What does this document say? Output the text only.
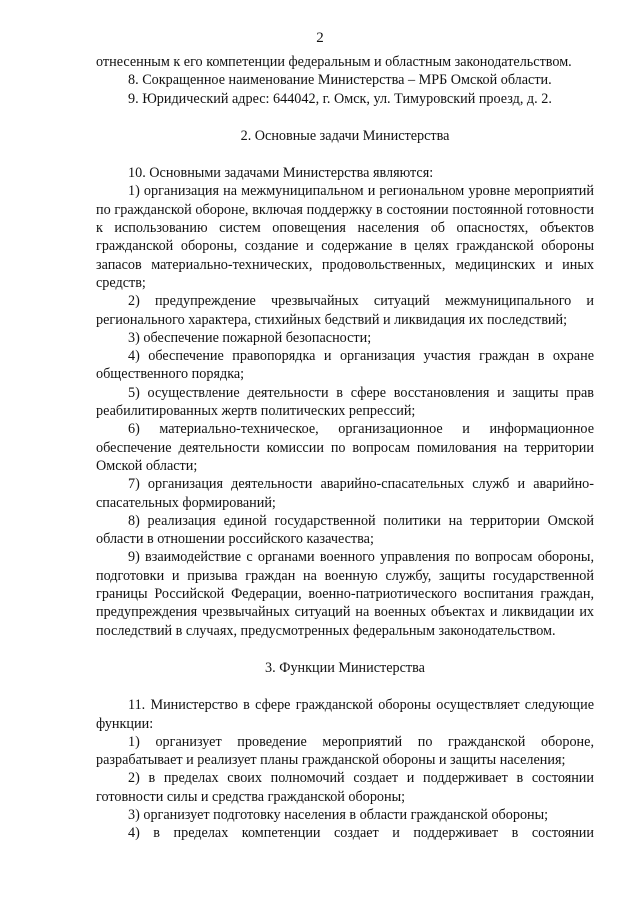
2

отнесенным к его компетенции федеральным и областным законодательством.

8. Сокращенное наименование Министерства – МРБ Омской области.

9. Юридический адрес: 644042, г. Омск, ул. Тимуровский проезд, д. 2.

2. Основные задачи Министерства

10. Основными задачами Министерства являются:

1) организация на межмуниципальном и региональном уровне мероприятий по гражданской обороне, включая поддержку в состоянии постоянной готовности к использованию систем оповещения населения об опасностях, объектов гражданской обороны, создание и содержание в целях гражданской обороны запасов материально-технических, продовольственных, медицинских и иных средств;

2) предупреждение чрезвычайных ситуаций межмуниципального и регионального характера, стихийных бедствий и ликвидация их последствий;

3) обеспечение пожарной безопасности;

4) обеспечение правопорядка и организация участия граждан в охране общественного порядка;

5) осуществление деятельности в сфере восстановления и защиты прав реабилитированных жертв политических репрессий;

6) материально-техническое, организационное и информационное обеспечение деятельности комиссии по вопросам помилования на территории Омской области;

7) организация деятельности аварийно-спасательных служб и аварийно-спасательных формирований;

8) реализация единой государственной политики на территории Омской области в отношении российского казачества;

9) взаимодействие с органами военного управления по вопросам обороны, подготовки и призыва граждан на военную службу, защиты государственной границы Российской Федерации, военно-патриотического воспитания граждан, предупреждения чрезвычайных ситуаций на военных объектах и ликвидации их последствий в случаях, предусмотренных федеральным законодательством.

3. Функции Министерства

11. Министерство в сфере гражданской обороны осуществляет следующие функции:

1) организует проведение мероприятий по гражданской обороне, разрабатывает и реализует планы гражданской обороны и защиты населения;

2) в пределах своих полномочий создает и поддерживает в состоянии готовности силы и средства гражданской обороны;

3) организует подготовку населения в области гражданской обороны;

4) в пределах компетенции создает и поддерживает в состоянии
